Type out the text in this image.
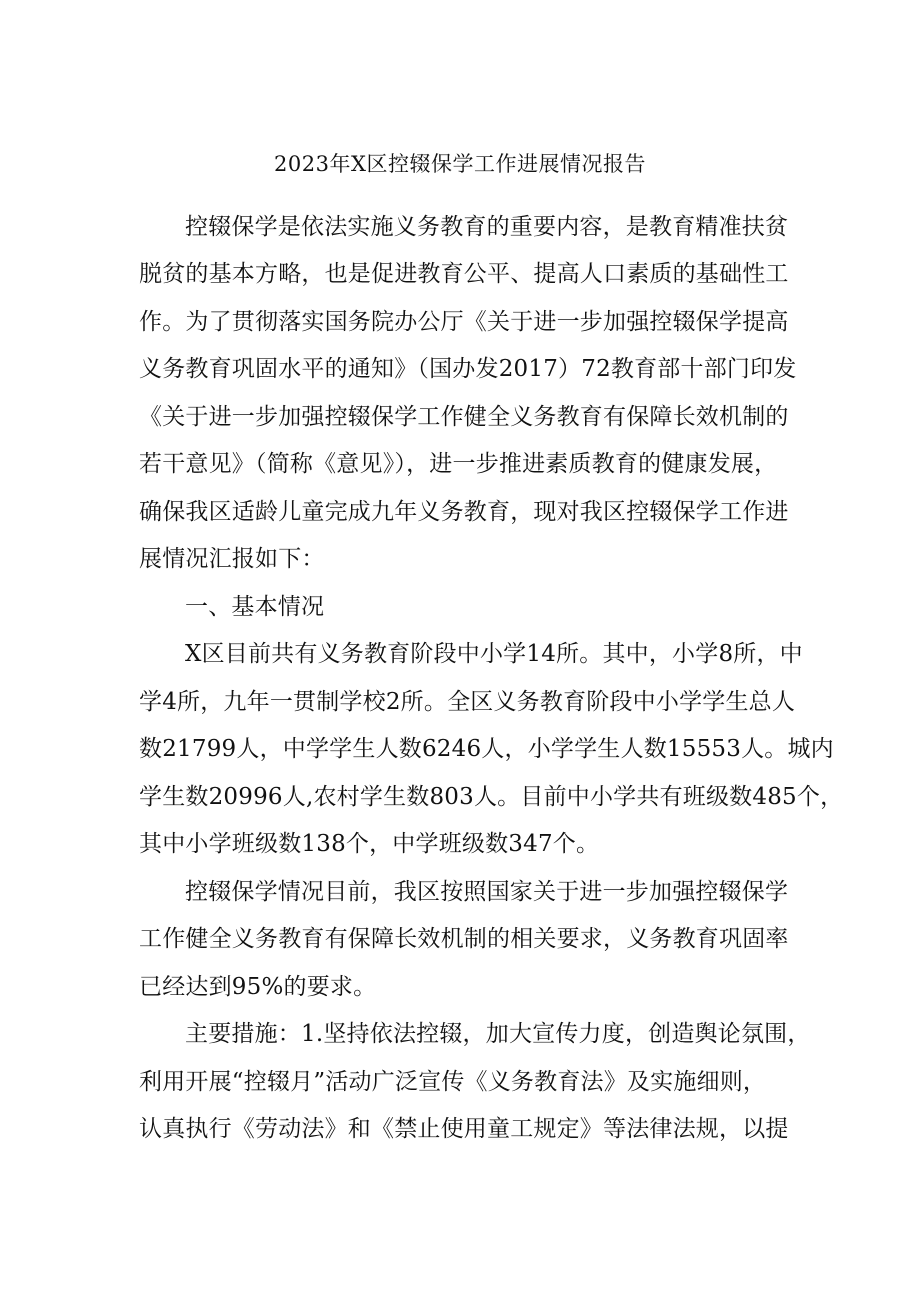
2023年X区控辍保学工作进展情况报告
控辍保学是依法实施义务教育的重要内容，是教育精准扶贫
脱贫的基本方略，也是促进教育公平、提高人口素质的基础性工
作。为了贯彻落实国务院办公厅《关于进一步加强控辍保学提高
义务教育巩固水平的通知》（国办发2017）72教育部十部门印发
《关于进一步加强控辍保学工作健全义务教育有保障长效机制的
若干意见》（简称《意见》），进一步推进素质教育的健康发展，
确保我区适龄儿童完成九年义务教育，现对我区控辍保学工作进
展情况汇报如下：
一、基本情况
X区目前共有义务教育阶段中小学14所。其中，小学8所，中
学4所，九年一贯制学校2所。全区义务教育阶段中小学学生总人
数21799人，中学学生人数6246人，小学学生人数15553人。城内
学生数20996人,农村学生数803人。目前中小学共有班级数485个，
其中小学班级数138个，中学班级数347个。
控辍保学情况目前，我区按照国家关于进一步加强控辍保学
工作健全义务教育有保障长效机制的相关要求，义务教育巩固率
已经达到95%的要求。
主要措施：1.坚持依法控辍，加大宣传力度，创造舆论氛围，
利用开展“控辍月”活动广泛宣传《义务教育法》及实施细则，
认真执行《劳动法》和《禁止使用童工规定》等法律法规，以提
